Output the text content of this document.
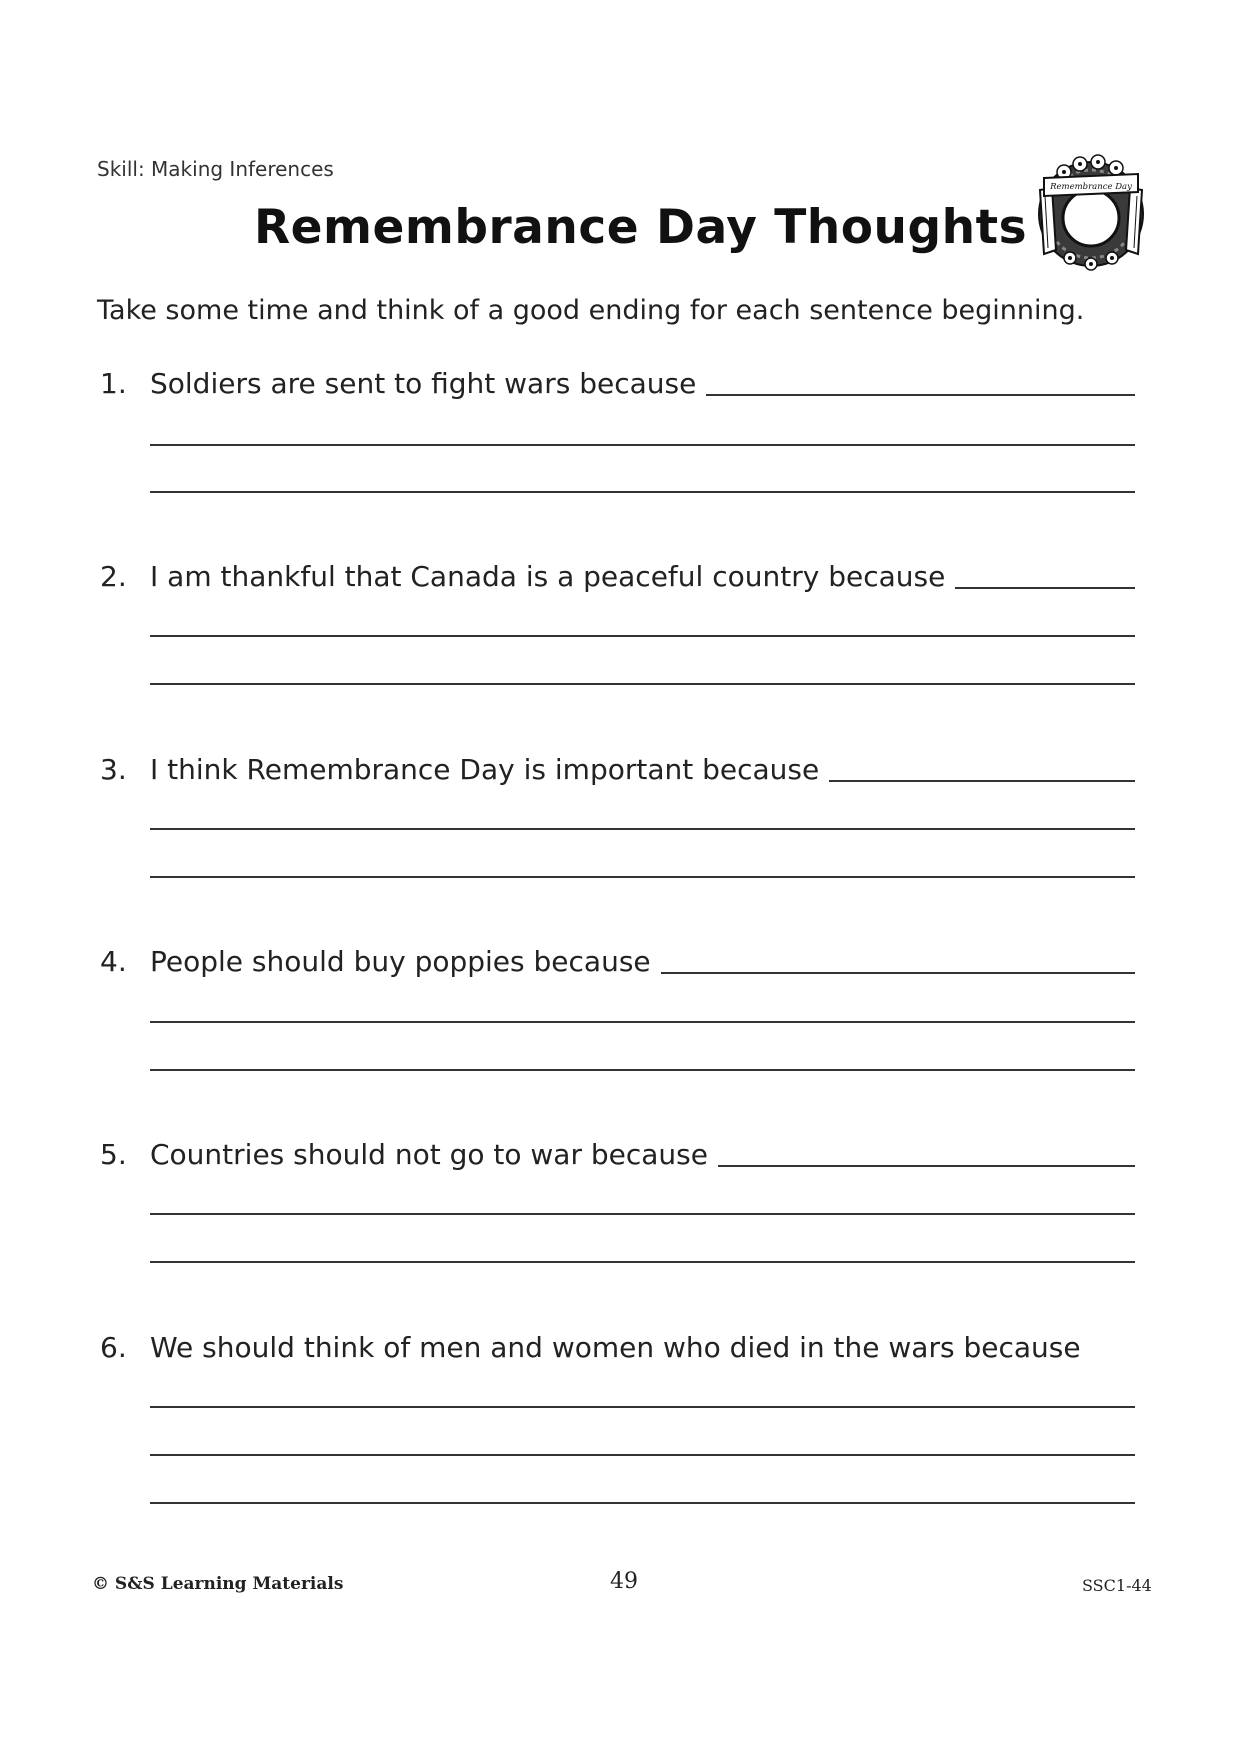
Skill: Making Inferences
Remembrance Day Thoughts
Remembrance Day
Take some time and think of a good ending for each sentence beginning.
1. Soldiers are sent to fight wars because
2. I am thankful that Canada is a peaceful country because
3. I think Remembrance Day is important because
4. People should buy poppies because
5. Countries should not go to war because
6. We should think of men and women who died in the wars because
© S&S Learning Materials	49	SSC1-44
